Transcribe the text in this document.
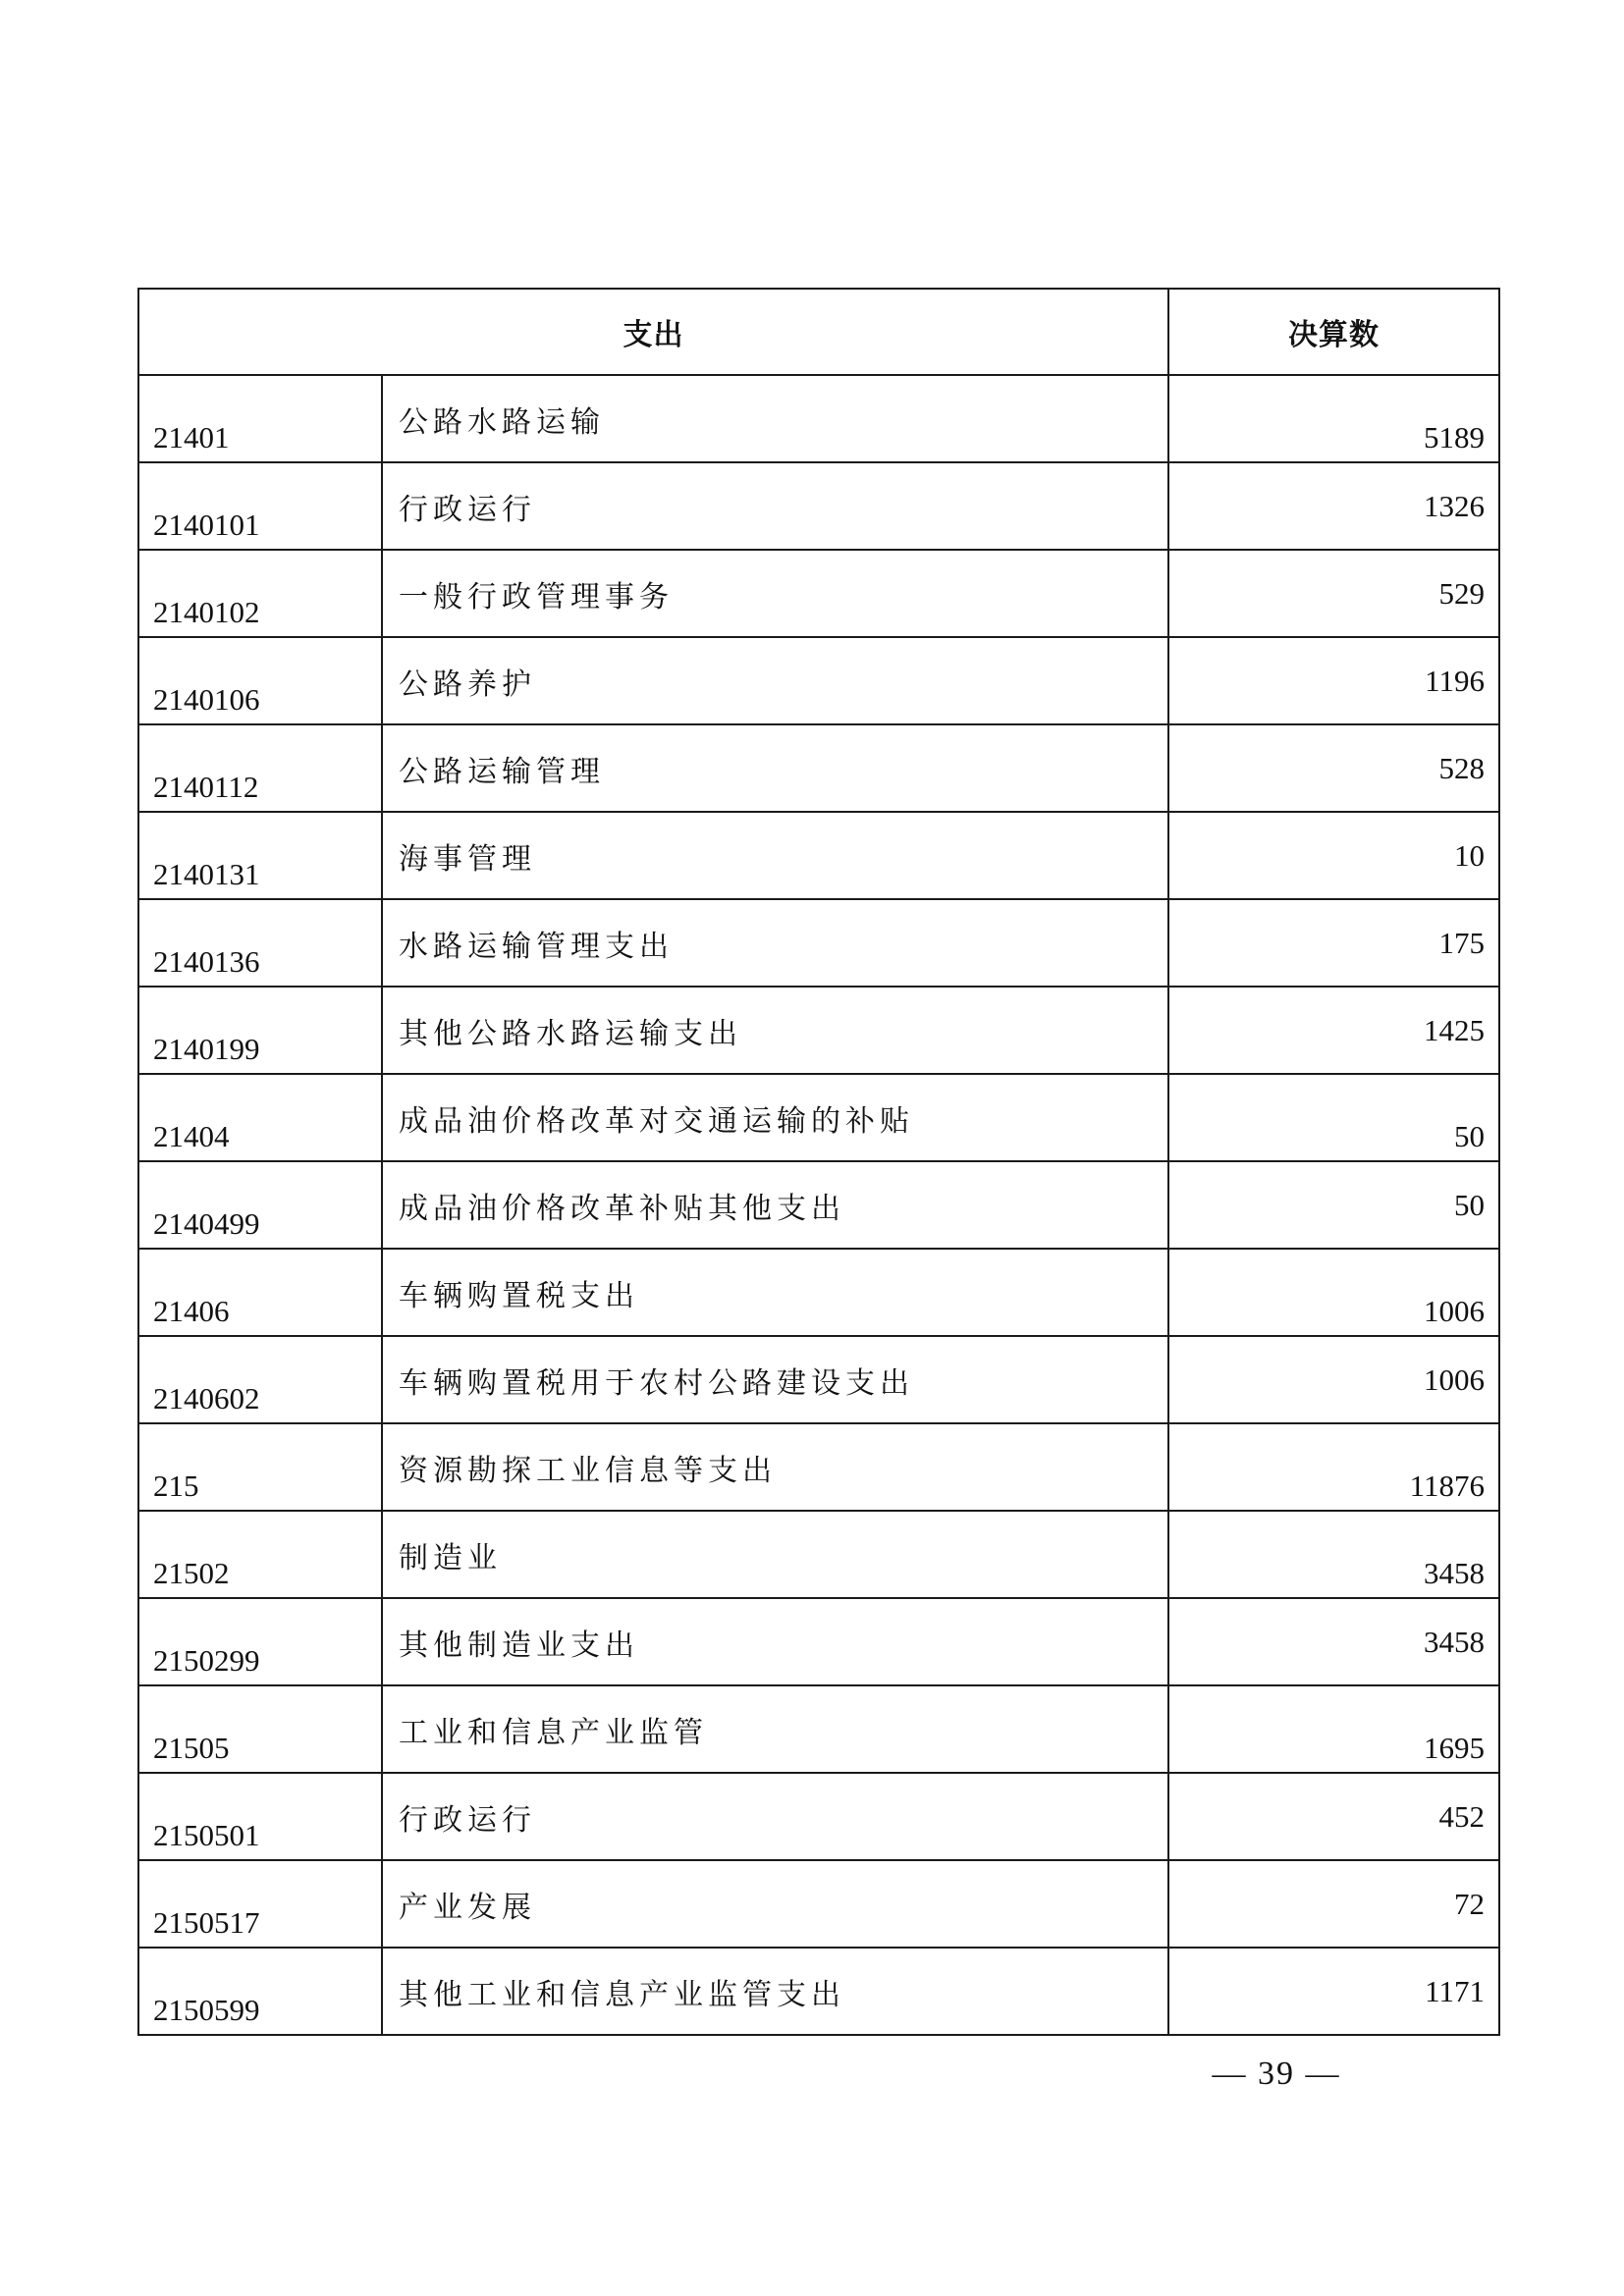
支出		决算数
21401	公路水路运输	5189
2140101	行政运行	1326
2140102	一般行政管理事务	529
2140106	公路养护	1196
2140112	公路运输管理	528
2140131	海事管理	10
2140136	水路运输管理支出	175
2140199	其他公路水路运输支出	1425
21404	成品油价格改革对交通运输的补贴	50
2140499	成品油价格改革补贴其他支出	50
21406	车辆购置税支出	1006
2140602	车辆购置税用于农村公路建设支出	1006
215	资源勘探工业信息等支出	11876
21502	制造业	3458
2150299	其他制造业支出	3458
21505	工业和信息产业监管	1695
2150501	行政运行	452
2150517	产业发展	72
2150599	其他工业和信息产业监管支出	1171
— 39 —
